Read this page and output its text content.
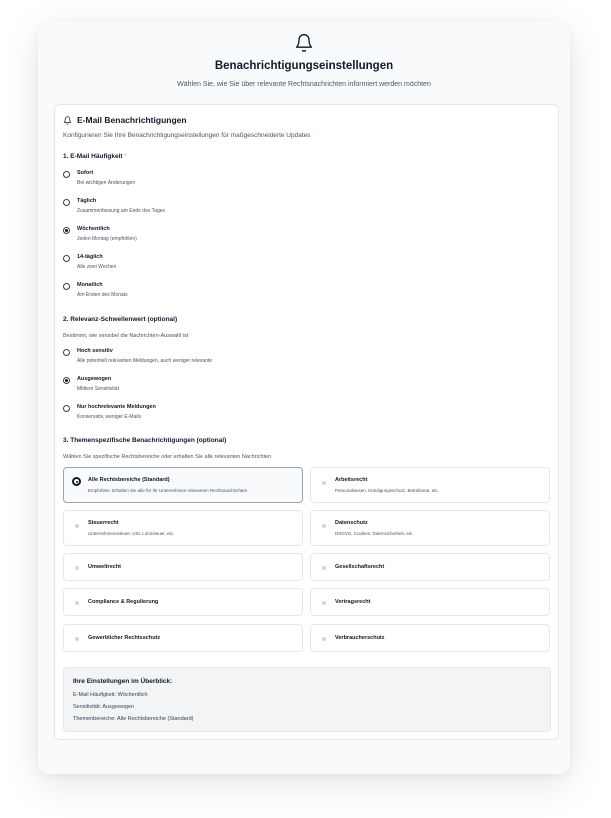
Benachrichtigungseinstellungen
Wählen Sie, wie Sie über relevante Rechtsnachrichten informiert werden möchten
E-Mail Benachrichtigungen
Konfigurieren Sie Ihre Benachrichtigungseinstellungen für maßgeschneiderte Updates
1. E-Mail Häufigkeit *
Sofort
Bei wichtigen Änderungen
Täglich
Zusammenfassung am Ende des Tages
Wöchentlich
Jeden Montag (empfohlen)
14-täglich
Alle zwei Wochen
Monatlich
Am Ersten des Monats
2. Relevanz-Schwellenwert (optional)
Bestimmt, wie sensibel die Nachrichten-Auswahl ist
Hoch sensitiv
Alle potentiell relevanten Meldungen, auch weniger relevante
Ausgewogen
Mittlere Sensitivität
Nur hochrelevante Meldungen
Konservativ, weniger E-Mails
3. Themenspezifische Benachrichtigungen (optional)
Wählen Sie spezifische Rechtsbereiche oder erhalten Sie alle relevanten Nachrichten
Alle Rechtsbereiche (Standard)
Empfohlen: Erhalten Sie alle für Ihr Unternehmen relevanten Rechtsnachrichten
Arbeitsrecht
Personalwesen, Kündigungsschutz, Betriebsrat, etc.
Steuerrecht
Unternehmenssteuer, USt, Lohnsteuer, etc.
Datenschutz
DSGVO, Cookies, Datensicherheit, etc.
Umweltrecht	Gesellschaftsrecht
Compliance & Regulierung	Vertragsrecht
Gewerblicher Rechtsschutz	Verbraucherschutz
Ihre Einstellungen im Überblick:
E-Mail Häufigkeit: Wöchentlich
Sensitivität: Ausgewogen
Themenbereiche: Alle Rechtsbereiche (Standard)
